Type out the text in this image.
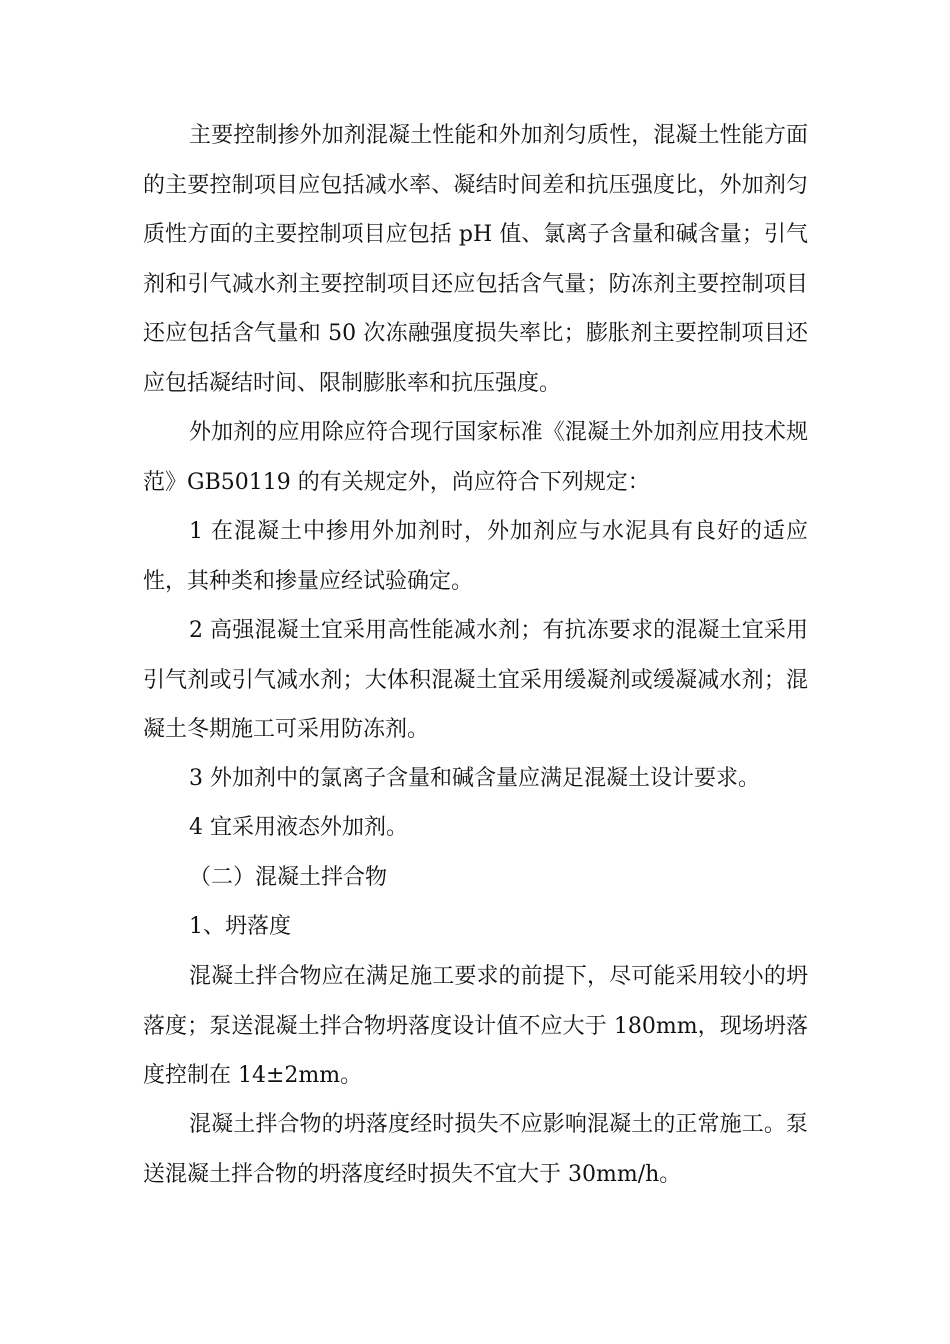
主要控制掺外加剂混凝土性能和外加剂匀质性，混凝土性能方面的主要控制项目应包括减水率、凝结时间差和抗压强度比，外加剂匀质性方面的主要控制项目应包括 pH 值、氯离子含量和碱含量；引气剂和引气减水剂主要控制项目还应包括含气量；防冻剂主要控制项目还应包括含气量和 50 次冻融强度损失率比；膨胀剂主要控制项目还应包括凝结时间、限制膨胀率和抗压强度。

外加剂的应用除应符合现行国家标准《混凝土外加剂应用技术规范》GB50119 的有关规定外，尚应符合下列规定：

1 在混凝土中掺用外加剂时，外加剂应与水泥具有良好的适应性，其种类和掺量应经试验确定。

2 高强混凝土宜采用高性能减水剂；有抗冻要求的混凝土宜采用引气剂或引气减水剂；大体积混凝土宜采用缓凝剂或缓凝减水剂；混凝土冬期施工可采用防冻剂。

3 外加剂中的氯离子含量和碱含量应满足混凝土设计要求。

4 宜采用液态外加剂。

（二）混凝土拌合物

1、坍落度

混凝土拌合物应在满足施工要求的前提下，尽可能采用较小的坍落度；泵送混凝土拌合物坍落度设计值不应大于 180mm，现场坍落度控制在 14±2mm。

混凝土拌合物的坍落度经时损失不应影响混凝土的正常施工。泵送混凝土拌合物的坍落度经时损失不宜大于 30mm/h。
